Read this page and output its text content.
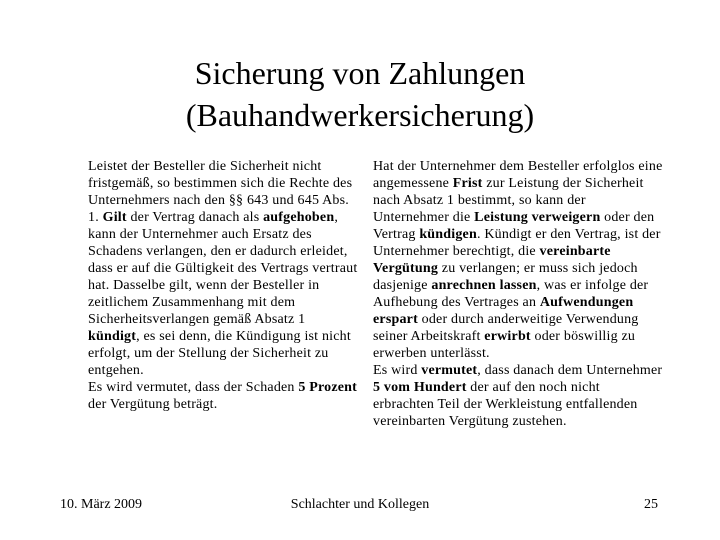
Sicherung von Zahlungen
(Bauhandwerkersicherung)

Leistet der Besteller die Sicherheit nicht fristgemäß, so bestimmen sich die Rechte des Unternehmers nach den §§ 643 und 645 Abs. 1. Gilt der Vertrag danach als aufgehoben, kann der Unternehmer auch Ersatz des Schadens verlangen, den er dadurch erleidet, dass er auf die Gültigkeit des Vertrags vertraut hat. Dasselbe gilt, wenn der Besteller in zeitlichem Zusammenhang mit dem Sicherheitsverlangen gemäß Absatz 1 kündigt, es sei denn, die Kündigung ist nicht erfolgt, um der Stellung der Sicherheit zu entgehen.

Es wird vermutet, dass der Schaden 5 Prozent der Vergütung beträgt.

Hat der Unternehmer dem Besteller erfolglos eine angemessene Frist zur Leistung der Sicherheit nach Absatz 1 bestimmt, so kann der Unternehmer die Leistung verweigern oder den Vertrag kündigen. Kündigt er den Vertrag, ist der Unternehmer berechtigt, die vereinbarte Vergütung zu verlangen; er muss sich jedoch dasjenige anrechnen lassen, was er infolge der Aufhebung des Vertrages an Aufwendungen erspart oder durch anderweitige Verwendung seiner Arbeitskraft erwirbt oder böswillig zu erwerben unterlässt.

Es wird vermutet, dass danach dem Unternehmer 5 vom Hundert der auf den noch nicht erbrachten Teil der Werkleistung entfallenden vereinbarten Vergütung zustehen.

Schlachter und Kollegen
10. März 2009	25
